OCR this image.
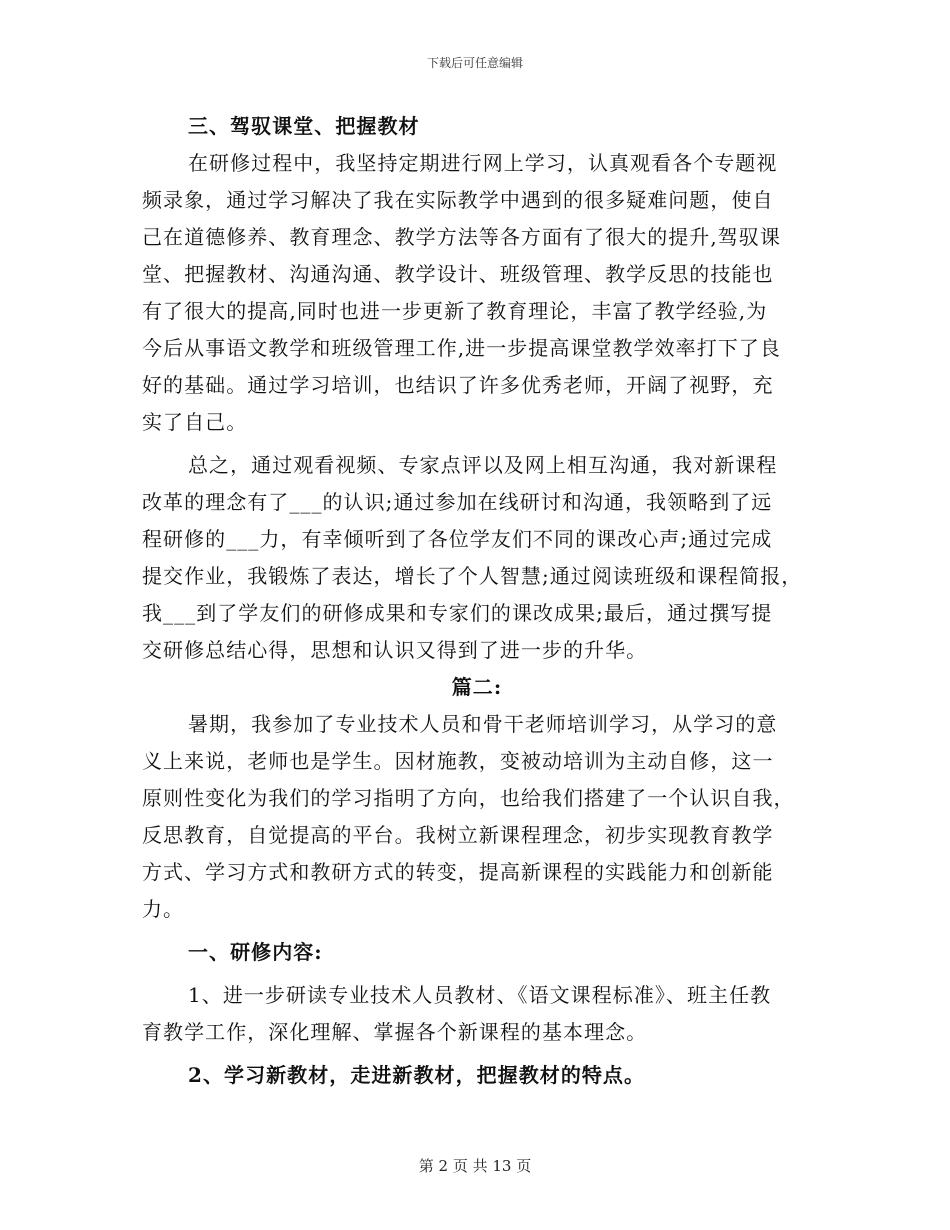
下载后可任意编辑
三、驾驭课堂、把握教材
在研修过程中，我坚持定期进行网上学习，认真观看各个专题视
频录象，通过学习解决了我在实际教学中遇到的很多疑难问题，使自
己在道德修养、教育理念、教学方法等各方面有了很大的提升,驾驭课
堂、把握教材、沟通沟通、教学设计、班级管理、教学反思的技能也
有了很大的提高,同时也进一步更新了教育理论，丰富了教学经验,为
今后从事语文教学和班级管理工作,进一步提高课堂教学效率打下了良
好的基础。通过学习培训，也结识了许多优秀老师，开阔了视野，充
实了自己。
总之，通过观看视频、专家点评以及网上相互沟通，我对新课程
改革的理念有了___的认识;通过参加在线研讨和沟通，我领略到了远
程研修的___力，有幸倾听到了各位学友们不同的课改心声;通过完成
提交作业，我锻炼了表达，增长了个人智慧;通过阅读班级和课程简报，
我___到了学友们的研修成果和专家们的课改成果;最后，通过撰写提
交研修总结心得，思想和认识又得到了进一步的升华。
篇二:
暑期，我参加了专业技术人员和骨干老师培训学习，从学习的意
义上来说，老师也是学生。因材施教，变被动培训为主动自修，这一
原则性变化为我们的学习指明了方向，也给我们搭建了一个认识自我，
反思教育，自觉提高的平台。我树立新课程理念，初步实现教育教学
方式、学习方式和教研方式的转变，提高新课程的实践能力和创新能
力。
一、研修内容:
1、进一步研读专业技术人员教材、《语文课程标准》、班主任教
育教学工作，深化理解、掌握各个新课程的基本理念。
2、学习新教材，走进新教材，把握教材的特点。
第 2 页 共 13 页
